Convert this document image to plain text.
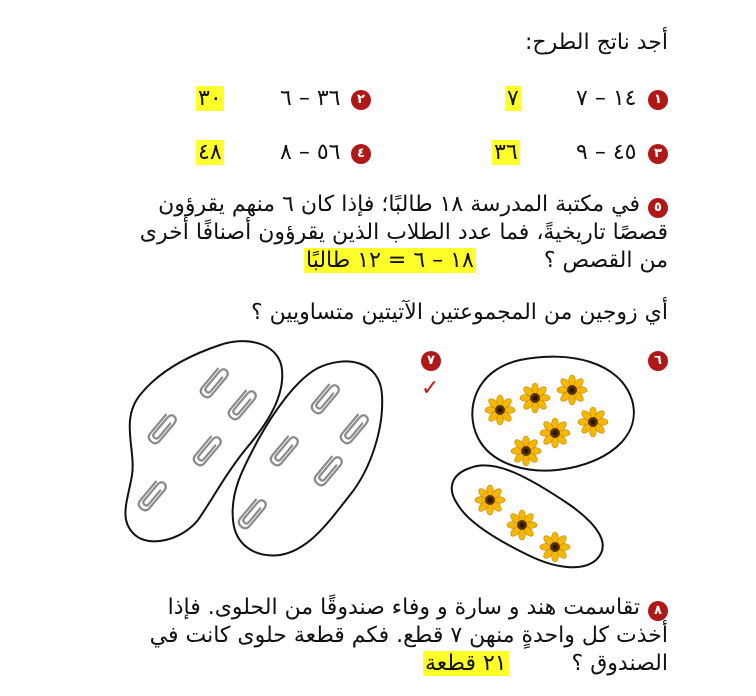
أجد ناتج الطرح:
١
١٤ – ٧
٧
٢
٣٦ – ٦
٣٠
٣
٤٥ – ٩
٣٦
٤
٥٦ – ٨
٤٨
٥
في مكتبة المدرسة ١٨ طالبًا؛ فإذا كان ٦ منهم يقرؤون
قصصًا تاريخيةً، فما عدد الطلاب الذين يقرؤون أصنافًا أخرى
من القصص ؟
١٨ – ٦ = ١٢ طالبًا
أي زوجين من المجموعتين الآتيتين متساويين ؟
٦
٧
✓
٨
تقاسمت هند و سارة و وفاء صندوقًا من الحلوى. فإذا
أخذت كل واحدةٍ منهن ٧ قطع. فكم قطعة حلوى كانت في
الصندوق ؟
٢١ قطعة
